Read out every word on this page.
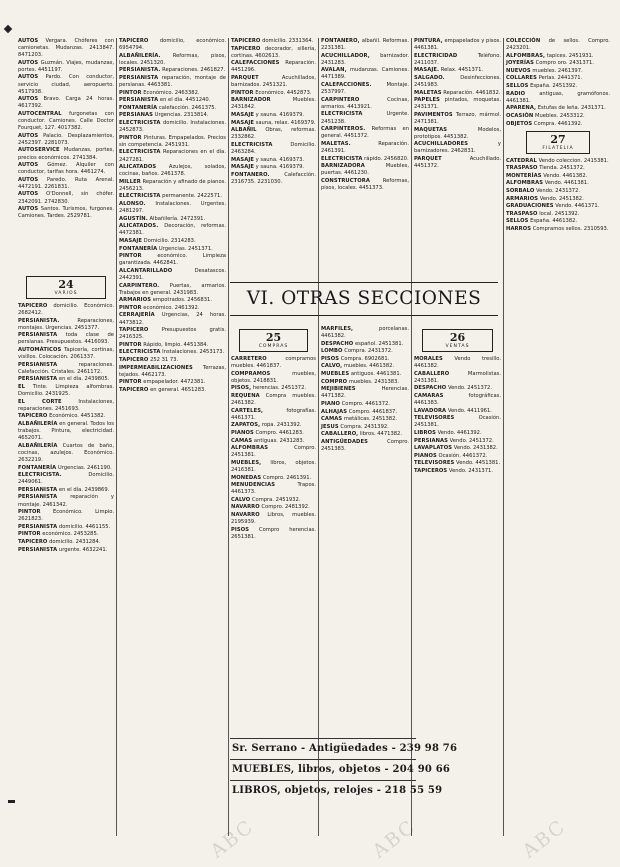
AUTOS Vergara. Chóferes con camionetas. Mudanzas. 2413847. 8471203.
AUTOS Guzmán. Viajes, mudanzas, portes. 4451197.
AUTOS Pardo. Con conductor, servicio ciudad, aeropuerto. 4517938.
AUTOS Bravo. Carga 24 horas. 4617392.
AUTOCENTRAL furgonetas con conductor. Camiones. Calle Doctor Fourquet, 127. 4017382.
AUTOS Palacio. Desplazamientos, 2452397. 2281073.
AUTOSERVICE Mudanzas, portes, precios económicos. 2741384.
AUTOS Gómez. Alquiler con conductor, tarifas hora. 4461274.
AUTOS Paredo. Ruta Arenal. 4472191. 2261831.
AUTOS O'Donnell, sin chófer. 2342091. 2742830.
AUTOS Santos. Turismos, furgones. Camiones. Tardes. 2529781.
24
VARIOS
TAPICERO domicilio. Económico. 2682412.
PERSIANISTA. Reparaciones, montajes. Urgencias. 2451377.
PERSIANISTA toda clase de persianas. Presupuestos. 4416093.
AUTOMÁTICOS Tapicería, cortinas, visillos. Colocación. 2061337.
PERSIANISTA reparaciones. Calefacción. Cristales. 2461172.
PERSIANISTA en el día. 2439805.
EL Tinte. Limpieza alfombras. Domicilio. 2431925.
EL CORTE Instalaciones, reparaciones. 2451693.
TAPICERO Económico. 4451382.
ALBAÑILERÍA en general. Todos los trabajos. Pintura, electricidad. 4652071.
ALBAÑILERÍA Cuartos de baño, cocinas, azulejos. Económico. 2632219.
FONTANERÍA Urgencias. 2461190.
ELECTRICISTA. Domicilio. 2449061.
PERSIANISTA en el día. 2439869.
PERSIANISTA reparación y montaje. 2461342.
PINTOR Económico. Limpio. 2621823.
PERSIANISTA domicilio. 4461155.
PINTOR económico. 2453285.
TAPICERO domicilio. 2431284.
PERSIANISTA urgente. 4632241.
TAPICERO domicilio, económico. 6954794.
ALBAÑILERÍA. Reformas, pisos, locales. 2451320.
PERSIANISTA. Reparaciones. 2461827.
PERSIANISTA reparación, montaje de persianas. 4463381.
PINTOR Económico. 2463382.
PERSIANISTA en el día. 4451240.
FONTANERÍA calefacción. 2461375.
PERSIANAS Urgencias. 2313814.
ELECTRICISTA domicilio. Instalaciones. 2452873.
PINTOR Pinturas. Empapelados. Precios sin competencia. 2451931.
ELECTRICISTA Reparaciones en el día. 2427281.
ALICATADOS Azulejos, solados, cocinas, baños. 2461378.
MILLER Reparación y afinado de pianos. 2456213.
ELECTRICISTA permanente. 2422571.
ALONSO. Instalaciones. Urgentes. 2481297.
AGUSTÍN. Albañilería. 2472391.
ALICATADOS. Decoración, reformas. 4472381.
MASAJE Domicilio. 2314283.
FONTANERÍA Urgencias. 2451371.
PINTOR económico. Limpieza garantizada. 4462841.
ALCANTARILLADO Desatascos. 2442391.
CARPINTERO. Puertas, armarios. Trabajos en general. 2431983.
ARMARIOS empotrados. 2456831.
PINTOR económico. 2461392.
CERRAJERÍA Urgencias, 24 horas. 4473812.
TAPICERO Presupuestos gratis. 2416325.
PINTOR Rápido, limpio. 4451384.
ELECTRICISTA Instalaciones. 2453173.
TAPICERO 252 31 73.
IMPERMEABILIZACIONES Terrazas, tejados. 4462173.
PINTOR empapelador. 4472381.
TAPICERO en general. 4651283.
TAPICERO domicilio. 2331364.
TAPICERO decorador, sillería, cortinas. 4602613.
CALEFACCIONES Reparación. 4451296.
PARQUET Acuchillados, barnizados. 2451321.
PINTOR Económico. 4452873.
BARNIZADOR Muebles. 2431842.
MASAJE y sauna. 4169379.
MASAJE sauna, relax. 4169379.
ALBAÑIL Obras, reformas. 2332862.
ELECTRICISTA Domicilio. 2463284.
MASAJE y sauna. 4169373.
MASAJE y sauna. 4169379.
FONTANERO. Calefacción. 2316735. 2231030.
FONTANERO, albañil. Reformas. 2231381.
ACUCHILLADOR, barnizador. 2431283.
AVALAN, mudanzas. Camiones. 4471389.
CALEFACCIONES. Montaje. 2537997.
CARPINTERO Cocinas, armarios. 4413921.
ELECTRICISTA Urgente. 2451238.
CARPINTEROS. Reformas en general. 4451372.
MALETAS. Reparación. 2461391.
ELECTRICISTA rápido. 2456820.
BARNIZADORA Muebles, puertas. 4461230.
CONSTRUCTORA Reformas, pisos, locales. 4451373.
PINTURA, empapelados y pisos. 4461381.
ELECTRICIDAD Teléfono. 2411037.
MASAJE. Relax. 4451371.
SALGADO. Desinfecciones. 2451983.
MALETAS Reparación. 4461832.
PAPELES pintados, moquetas. 2431371.
PAVIMENTOS Terrazo, mármol. 2471381.
MAQUETAS Modelos, prototipos. 4451382.
ACUCHILLADORES y barnizadores. 2462831.
PARQUET Acuchillado. 4451372.
VI. OTRAS SECCIONES
25
COMPRAS
CARRETERO compramos muebles. 4461837.
COMPRAMOS muebles, objetos. 2418831.
PISOS, herencias. 2451372.
REQUENA Compra muebles. 2461382.
CARTELES, fotografías. 4461371.
ZAPATOS, ropa. 2431392.
PIANOS Compro. 4461283.
CAMAS antiguas. 2431283.
ALFOMBRAS Compro. 2451381.
MUEBLES, libros, objetos. 2416381.
MONEDAS Compro. 2461391.
MENUDENCIAS Trapos. 4461373.
CALVO Compra. 2451932.
NAVARRO Compro. 2481392.
NAVARRO Libros, muebles. 2195939.
PISOS Compro herencias. 2651381.
MARFILES, porcelanas. 4461382.
DESPACHO español. 2451381.
LOMBO Compra. 2431372.
PISOS Compra. 6902681.
CALVO, muebles. 4461382.
MUEBLES antiguos. 4461381.
COMPRO muebles. 2431383.
MEJIBIENES Herencias. 4471382.
PIANO Compro. 4461372.
ALHAJAS Compro. 4461837.
CAMAS metálicas. 2451382.
JESUS Compra. 2431392.
CABALLERO, libros. 4471382.
ANTIGÜEDADES Compro. 2451383.
26
VENTAS
MORALES Vendo tresillo. 4461382.
CABALLERO Marmolistas. 2431381.
DESPACHO Vendo. 2451372.
CAMARAS fotográficas. 4461383.
LAVADORA Vendo. 4411961.
TELEVISORES Ocasión. 2451381.
LIBROS Vendo. 4461392.
PERSIANAS Vendo. 2451372.
LAVAPLATOS Vendo. 2431382.
PIANOS Ocasión. 4461372.
TELEVISORES Vendo. 4451381.
TAPICEROS Vendo. 2431371.
COLECCIÓN de sellos. Compro. 2423201.
ALFOMBRAS, tapices. 2451931.
JOYERÍAS Compro oro. 2431371.
NUEVOS muebles. 2461397.
COLLARES Perlas. 2441371.
SELLOS España. 2451392.
RADIO antiguas, gramófonos. 4461381.
APARENA, Estufas de leña. 2431371.
OCASIÓN Muebles. 2453312.
OBJETOS Compra. 4461392.
27
FILATELIA
CATEDRAL Vendo coleccion. 2415381.
TRASPASO Tienda. 2451372.
MONTERÍAS Vendo. 4461382.
ALFOMBRAS Vendo. 4461381.
SORBALO Vendo. 2431372.
ARMARIOS Vendo. 2451382.
GRADUACIONES Vendo. 4461371.
TRASPASO local. 2451392.
SELLOS España. 4461382.
HARROS Compramos sellos. 2310593.
Sr. Serrano - Antigüedades - 239 98 76
MUEBLES, libros, objetos - 204 90 66
LIBROS, objetos, relojes - 218 55 59
ABC	ABC	ABC
